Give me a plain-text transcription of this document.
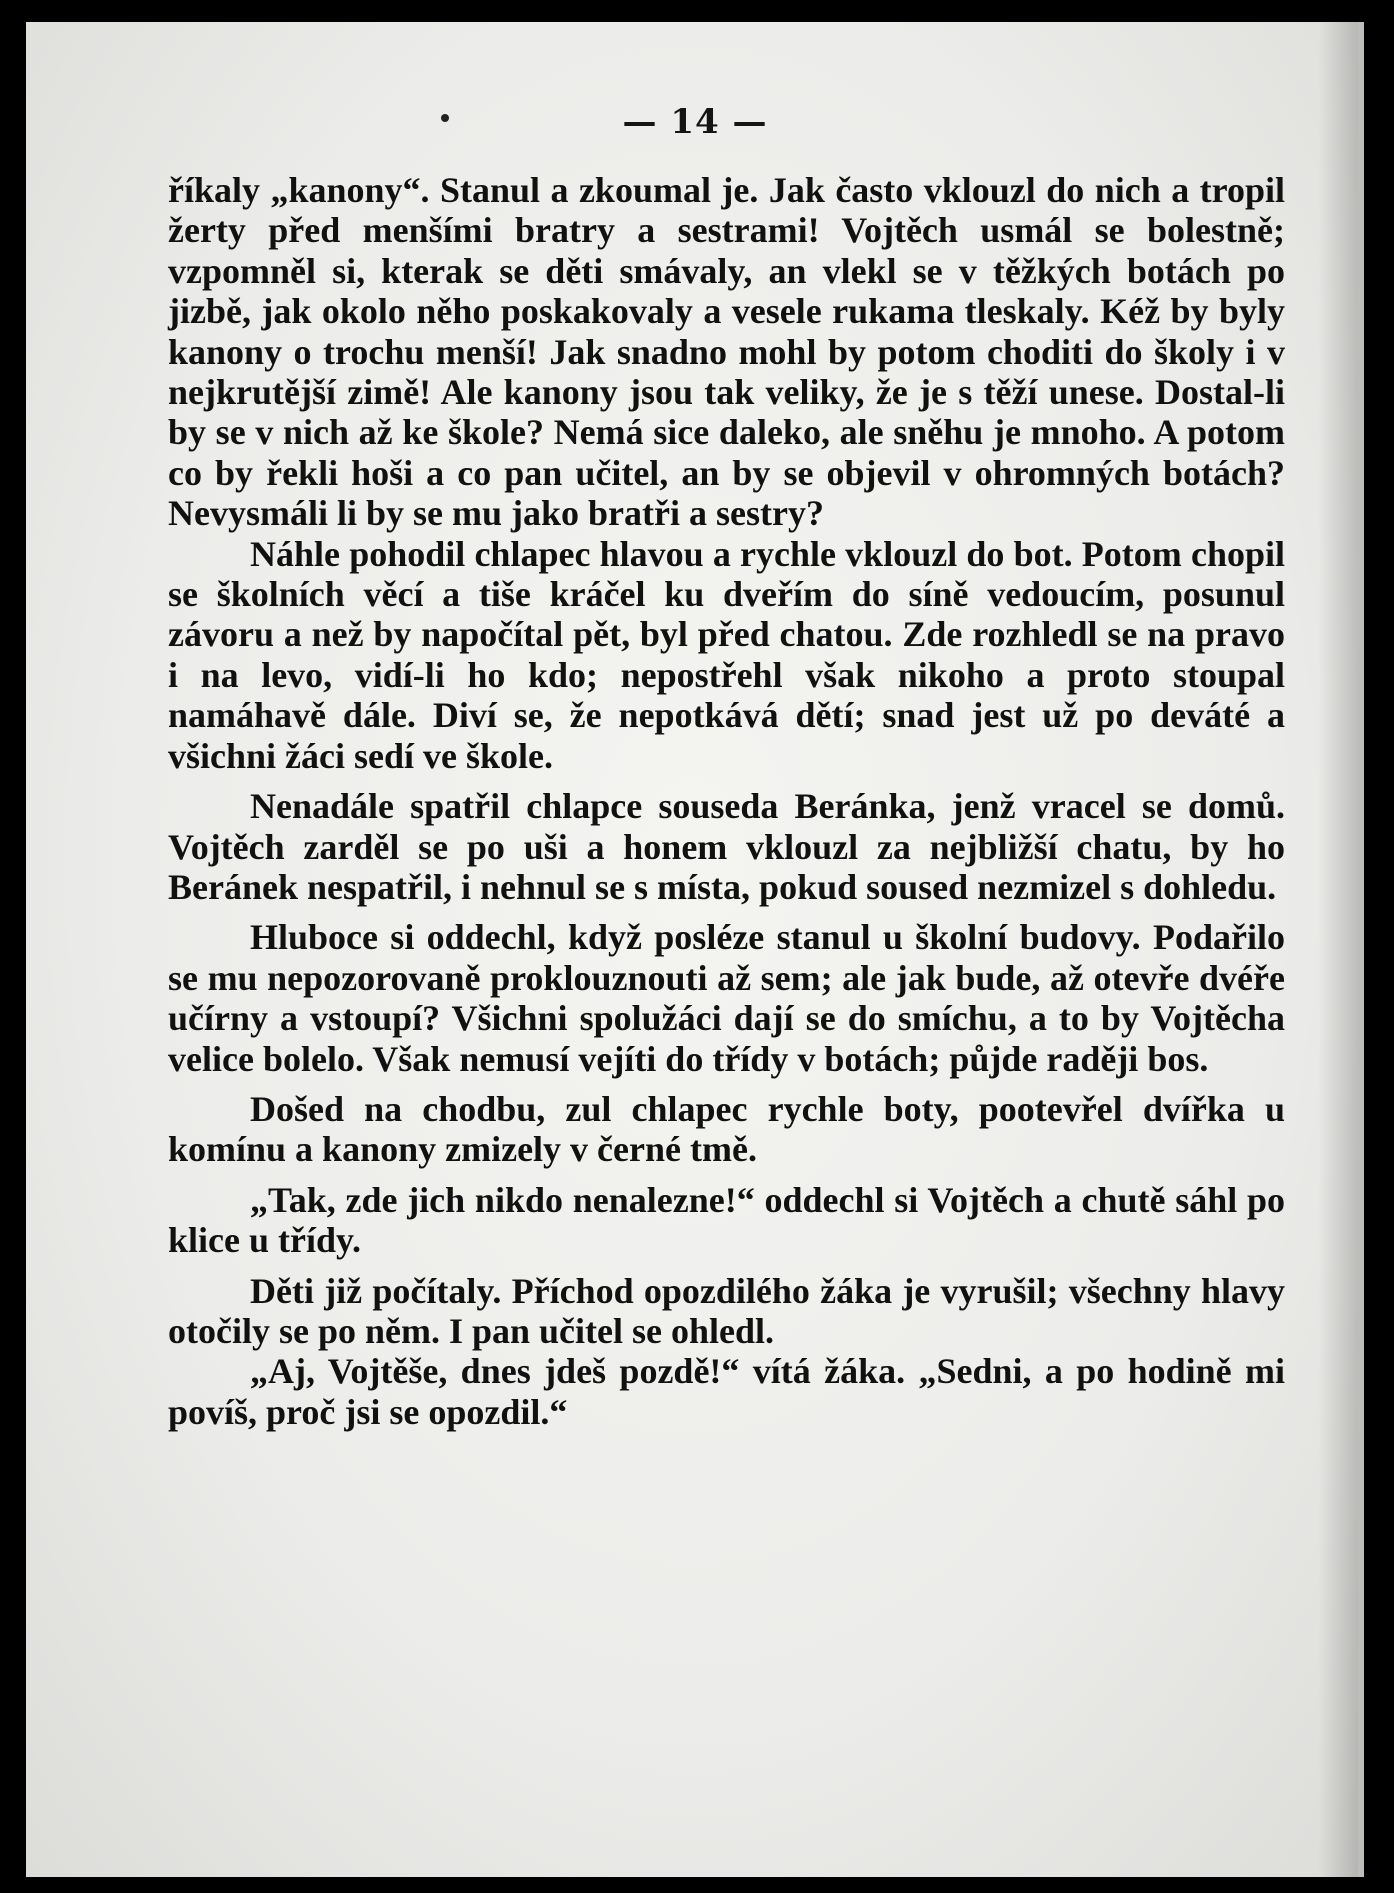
— 14 —

říkaly „kanony“. Stanul a zkoumal je. Jak často vklouzl do nich a tropil žerty před menšími bratry a sestrami! Vojtěch usmál se bolestně; vzpomněl si, kterak se děti smávaly, an vlekl se v těžkých botách po jizbě, jak okolo něho poskakovaly a vesele rukama tleskaly. Kéž by byly kanony o trochu menší! Jak snadno mohl by potom choditi do školy i v nejkrutější zimě! Ale kanony jsou tak veliky, že je s těží unese. Dostal-li by se v nich až ke škole? Nemá sice daleko, ale sněhu je mnoho. A potom co by řekli hoši a co pan učitel, an by se objevil v ohromných botách? Nevysmáli li by se mu jako bratři a sestry?

Náhle pohodil chlapec hlavou a rychle vklouzl do bot. Potom chopil se školních věcí a tiše kráčel ku dveřím do síně vedoucím, posunul závoru a než by napočítal pět, byl před chatou. Zde rozhledl se na pravo i na levo, vidí-li ho kdo; nepostřehl však nikoho a proto stoupal namáhavě dále. Diví se, že nepotkává dětí; snad jest už po deváté a všichni žáci sedí ve škole.

Nenadále spatřil chlapce souseda Beránka, jenž vracel se domů. Vojtěch zarděl se po uši a honem vklouzl za nejbližší chatu, by ho Beránek nespatřil, i nehnul se s místa, pokud soused nezmizel s dohledu.

Hluboce si oddechl, když posléze stanul u školní budovy. Podařilo se mu nepozorovaně proklouznouti až sem; ale jak bude, až otevře dvéře učírny a vstoupí? Všichni spolužáci dají se do smíchu, a to by Vojtěcha velice bolelo. Však nemusí vejíti do třídy v botách; půjde raději bos.

Došed na chodbu, zul chlapec rychle boty, pootevřel dvířka u komínu a kanony zmizely v černé tmě.

„Tak, zde jich nikdo nenalezne!“ oddechl si Vojtěch a chutě sáhl po klice u třídy.

Děti již počítaly. Příchod opozdilého žáka je vyrušil; všechny hlavy otočily se po něm. I pan učitel se ohledl.

„Aj, Vojtěše, dnes jdeš pozdě!“ vítá žáka. „Sedni, a po hodině mi povíš, proč jsi se opozdil.“
